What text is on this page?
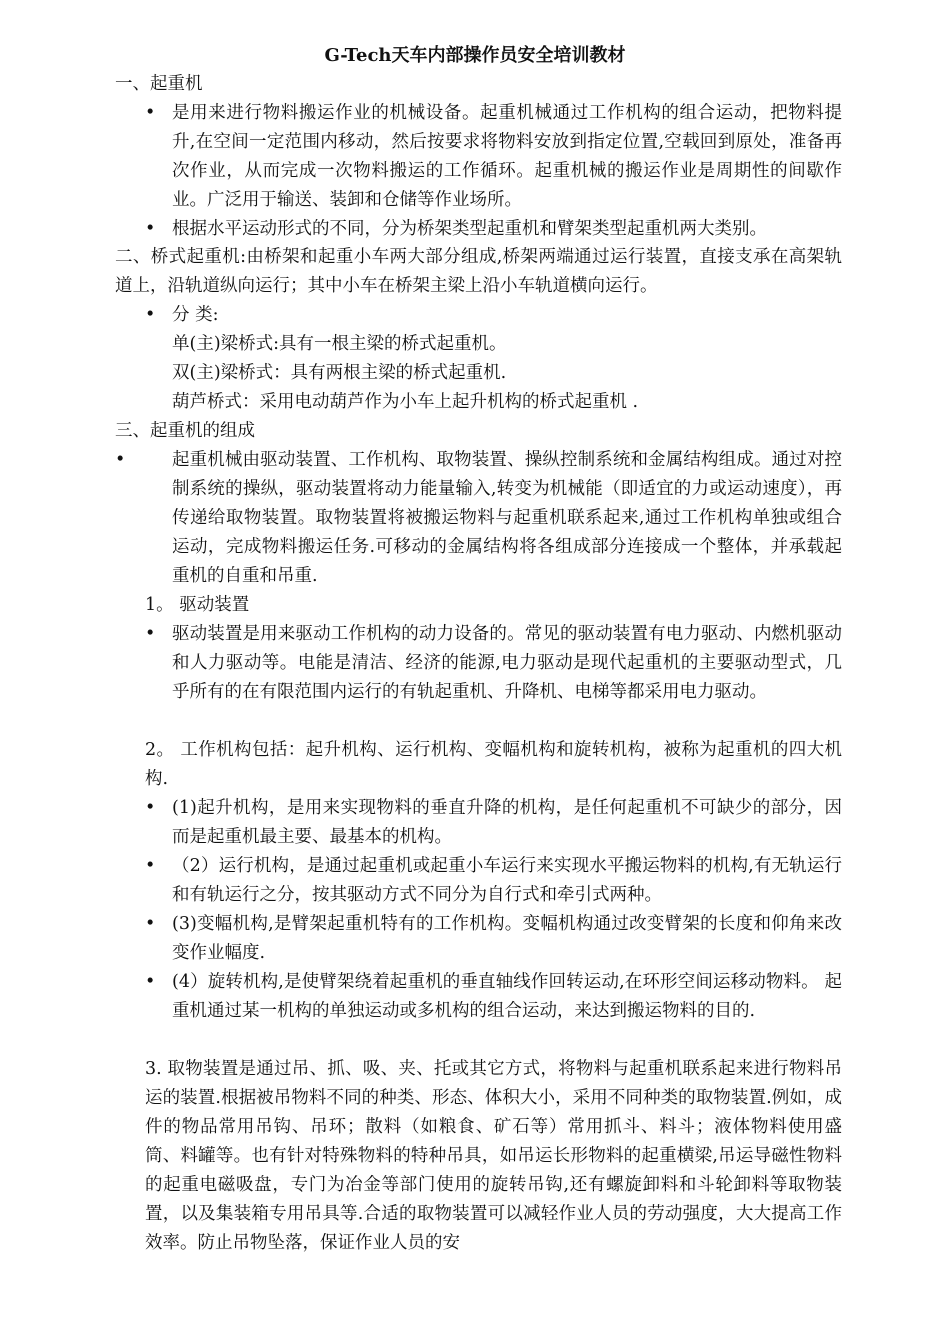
G-Tech天车内部操作员安全培训教材
一、起重机
• 是用来进行物料搬运作业的机械设备。起重机械通过工作机构的组合运动，把物料提升,在空间一定范围内移动，然后按要求将物料安放到指定位置,空载回到原处，准备再次作业，从而完成一次物料搬运的工作循环。起重机械的搬运作业是周期性的间歇作业。广泛用于输送、装卸和仓储等作业场所。
• 根据水平运动形式的不同，分为桥架类型起重机和臂架类型起重机两大类别。
二、桥式起重机:由桥架和起重小车两大部分组成,桥架两端通过运行装置，直接支承在高架轨道上，沿轨道纵向运行；其中小车在桥架主梁上沿小车轨道横向运行。
• 分 类:
单(主)梁桥式:具有一根主梁的桥式起重机。
双(主)梁桥式：具有两根主梁的桥式起重机.
葫芦桥式：采用电动葫芦作为小车上起升机构的桥式起重机 .
三、起重机的组成
•	起重机械由驱动装置、工作机构、取物装置、操纵控制系统和金属结构组成。通过对控制系统的操纵，驱动装置将动力能量输入,转变为机械能（即适宜的力或运动速度），再传递给取物装置。取物装置将被搬运物料与起重机联系起来,通过工作机构单独或组合运动，完成物料搬运任务.可移动的金属结构将各组成部分连接成一个整体，并承载起重机的自重和吊重.
1。 驱动装置
• 驱动装置是用来驱动工作机构的动力设备的。常见的驱动装置有电力驱动、内燃机驱动和人力驱动等。电能是清洁、经济的能源,电力驱动是现代起重机的主要驱动型式，几乎所有的在有限范围内运行的有轨起重机、升降机、电梯等都采用电力驱动。
2。 工作机构包括：起升机构、运行机构、变幅机构和旋转机构，被称为起重机的四大机构.
• (1)起升机构，是用来实现物料的垂直升降的机构，是任何起重机不可缺少的部分，因而是起重机最主要、最基本的机构。
• （2）运行机构，是通过起重机或起重小车运行来实现水平搬运物料的机构,有无轨运行和有轨运行之分，按其驱动方式不同分为自行式和牵引式两种。
• (3)变幅机构,是臂架起重机特有的工作机构。变幅机构通过改变臂架的长度和仰角来改变作业幅度.
• (4）旋转机构,是使臂架绕着起重机的垂直轴线作回转运动,在环形空间运移动物料。 起重机通过某一机构的单独运动或多机构的组合运动，来达到搬运物料的目的.
3. 取物装置是通过吊、抓、吸、夹、托或其它方式，将物料与起重机联系起来进行物料吊运的装置.根据被吊物料不同的种类、形态、体积大小，采用不同种类的取物装置.例如，成件的物品常用吊钩、吊环；散料（如粮食、矿石等）常用抓斗、料斗；液体物料使用盛筒、料罐等。也有针对特殊物料的特种吊具，如吊运长形物料的起重横梁,吊运导磁性物料的起重电磁吸盘，专门为冶金等部门使用的旋转吊钩,还有螺旋卸料和斗轮卸料等取物装置，以及集装箱专用吊具等.合适的取物装置可以减轻作业人员的劳动强度，大大提高工作效率。防止吊物坠落，保证作业人员的安
